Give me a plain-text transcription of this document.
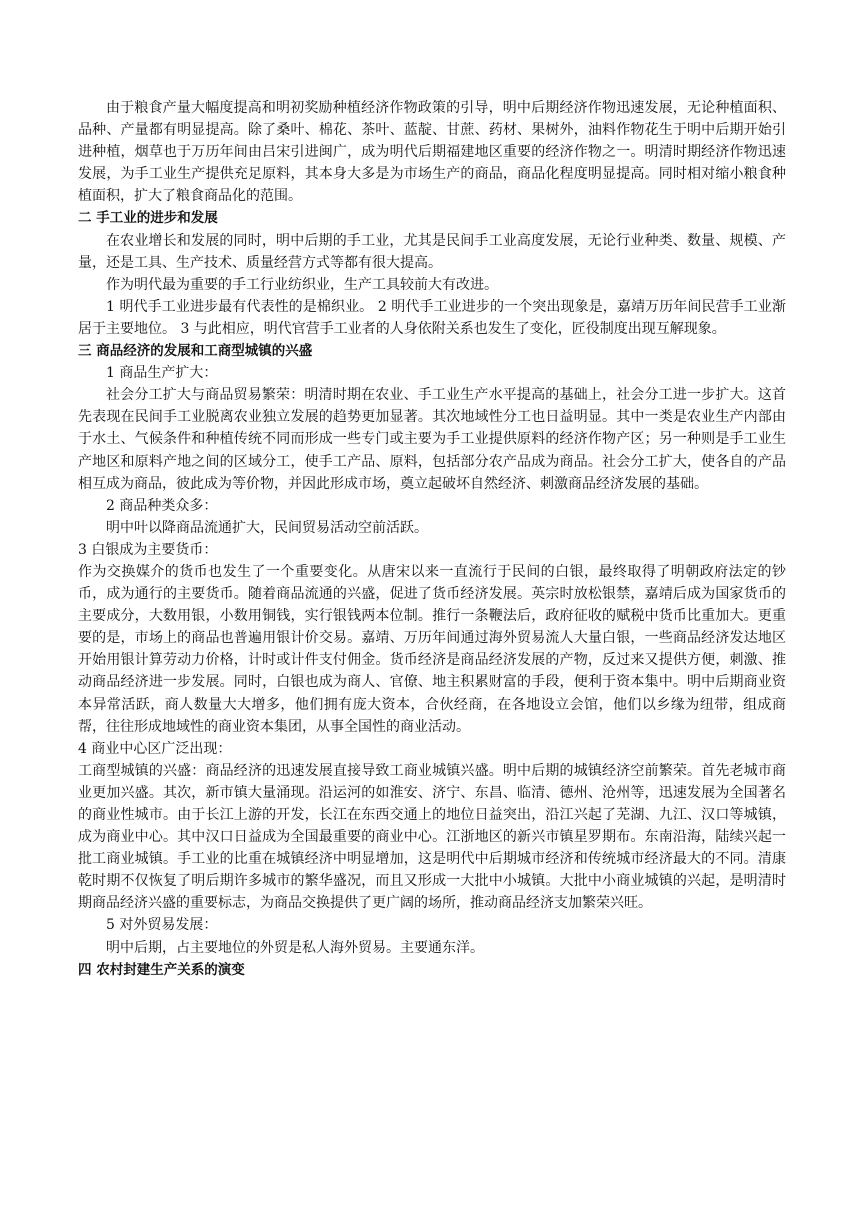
由于粮食产量大幅度提高和明初奖励种植经济作物政策的引导，明中后期经济作物迅速发展，无论种植面积、品种、产量都有明显提高。除了桑叶、棉花、茶叶、蓝靛、甘蔗、药材、果树外，油料作物花生于明中后期开始引进种植，烟草也于万历年间由吕宋引进闽广，成为明代后期福建地区重要的经济作物之一。明清时期经济作物迅速发展，为手工业生产提供充足原料，其本身大多是为市场生产的商品，商品化程度明显提高。同时相对缩小粮食种植面积，扩大了粮食商品化的范围。

二 手工业的进步和发展

在农业增长和发展的同时，明中后期的手工业，尤其是民间手工业高度发展，无论行业种类、数量、规模、产量，还是工具、生产技术、质量经营方式等都有很大提高。

作为明代最为重要的手工行业纺织业，生产工具较前大有改进。

1 明代手工业进步最有代表性的是棉织业。 2 明代手工业进步的一个突出现象是，嘉靖万历年间民营手工业渐居于主要地位。 3 与此相应，明代官营手工业者的人身依附关系也发生了变化，匠役制度出现互解现象。

三 商品经济的发展和工商型城镇的兴盛

1 商品生产扩大：

社会分工扩大与商品贸易繁荣：明清时期在农业、手工业生产水平提高的基础上，社会分工进一步扩大。这首先表现在民间手工业脱离农业独立发展的趋势更加显著。其次地域性分工也日益明显。其中一类是农业生产内部由于水土、气候条件和种植传统不同而形成一些专门或主要为手工业提供原料的经济作物产区；另一种则是手工业生产地区和原料产地之间的区域分工，使手工产品、原料，包括部分农产品成为商品。社会分工扩大，使各自的产品相互成为商品，彼此成为等价物，并因此形成市场，奠立起破坏自然经济、刺激商品经济发展的基础。

2 商品种类众多：

明中叶以降商品流通扩大，民间贸易活动空前活跃。

3 白银成为主要货币：

作为交换媒介的货币也发生了一个重要变化。从唐宋以来一直流行于民间的白银，最终取得了明朝政府法定的钞币，成为通行的主要货币。随着商品流通的兴盛，促进了货币经济发展。英宗时放松银禁，嘉靖后成为国家货币的主要成分，大数用银，小数用铜钱，实行银钱两本位制。推行一条鞭法后，政府征收的赋税中货币比重加大。更重要的是，市场上的商品也普遍用银计价交易。嘉靖、万历年间通过海外贸易流人大量白银，一些商品经济发达地区开始用银计算劳动力价格，计时或计件支付佣金。货币经济是商品经济发展的产物，反过来又提供方便，刺激、推动商品经济进一步发展。同时，白银也成为商人、官僚、地主积累财富的手段，便利于资本集中。明中后期商业资本异常活跃，商人数量大大增多，他们拥有庞大资本，合伙经商，在各地设立会馆，他们以乡缘为纽带，组成商帮，往往形成地域性的商业资本集团，从事全国性的商业活动。

4 商业中心区广泛出现：

工商型城镇的兴盛：商品经济的迅速发展直接导致工商业城镇兴盛。明中后期的城镇经济空前繁荣。首先老城市商业更加兴盛。其次，新市镇大量涌现。沿运河的如淮安、济宁、东昌、临清、德州、沧州等，迅速发展为全国著名的商业性城市。由于长江上游的开发，长江在东西交通上的地位日益突出，沿江兴起了芜湖、九江、汉口等城镇，成为商业中心。其中汉口日益成为全国最重要的商业中心。江浙地区的新兴市镇星罗期布。东南沿海，陆续兴起一批工商业城镇。手工业的比重在城镇经济中明显增加，这是明代中后期城市经济和传统城市经济最大的不同。清康乾时期不仅恢复了明后期许多城市的繁华盛况，而且又形成一大批中小城镇。大批中小商业城镇的兴起，是明清时期商品经济兴盛的重要标志，为商品交换提供了更广阔的场所，推动商品经济支加繁荣兴旺。

5 对外贸易发展：

明中后期，占主要地位的外贸是私人海外贸易。主要通东洋。

四 农村封建生产关系的演变
